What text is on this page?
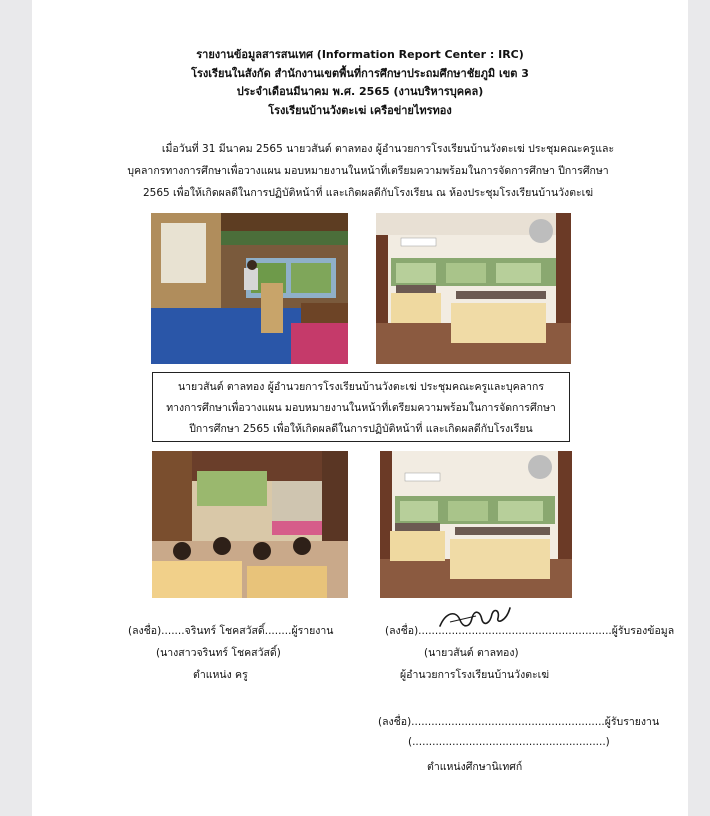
รายงานข้อมูลสารสนเทศ (Information Report Center : IRC)
โรงเรียนในสังกัด สำนักงานเขตพื้นที่การศึกษาประถมศึกษาชัยภูมิ เขต 3
ประจำเดือนมีนาคม พ.ศ. 2565 (งานบริหารบุคคล)
โรงเรียนบ้านวังตะเฆ่ เครือข่ายไทรทอง
เมื่อวันที่ 31 มีนาคม 2565 นายวสันต์ ตาลทอง ผู้อำนวยการโรงเรียนบ้านวังตะเฆ่ ประชุมคณะครูและ
บุคลากรทางการศึกษาเพื่อวางแผน มอบหมายงานในหน้าที่เตรียมความพร้อมในการจัดการศึกษา ปีการศึกษา
2565 เพื่อให้เกิดผลดีในการปฏิบัติหน้าที่ และเกิดผลดีกับโรงเรียน ณ ห้องประชุมโรงเรียนบ้านวังตะเฆ่
นายวสันต์ ตาลทอง ผู้อำนวยการโรงเรียนบ้านวังตะเฆ่ ประชุมคณะครูและบุคลากร
ทางการศึกษาเพื่อวางแผน มอบหมายงานในหน้าที่เตรียมความพร้อมในการจัดการศึกษา
ปีการศึกษา 2565 เพื่อให้เกิดผลดีในการปฏิบัติหน้าที่ และเกิดผลดีกับโรงเรียน
(ลงชื่อ).......จรินทร์ โชคสวัสดิ์........ผู้รายงาน
(นางสาวจรินทร์ โชคสวัสดิ์)
ตำแหน่ง ครู
(ลงชื่อ)..........................................................ผู้รับรองข้อมูล
(นายวสันต์ ตาลทอง)
ผู้อำนวยการโรงเรียนบ้านวังตะเฆ่
(ลงชื่อ)..........................................................ผู้รับรายงาน
(..........................................................)
ตำแหน่งศึกษานิเทศก์
